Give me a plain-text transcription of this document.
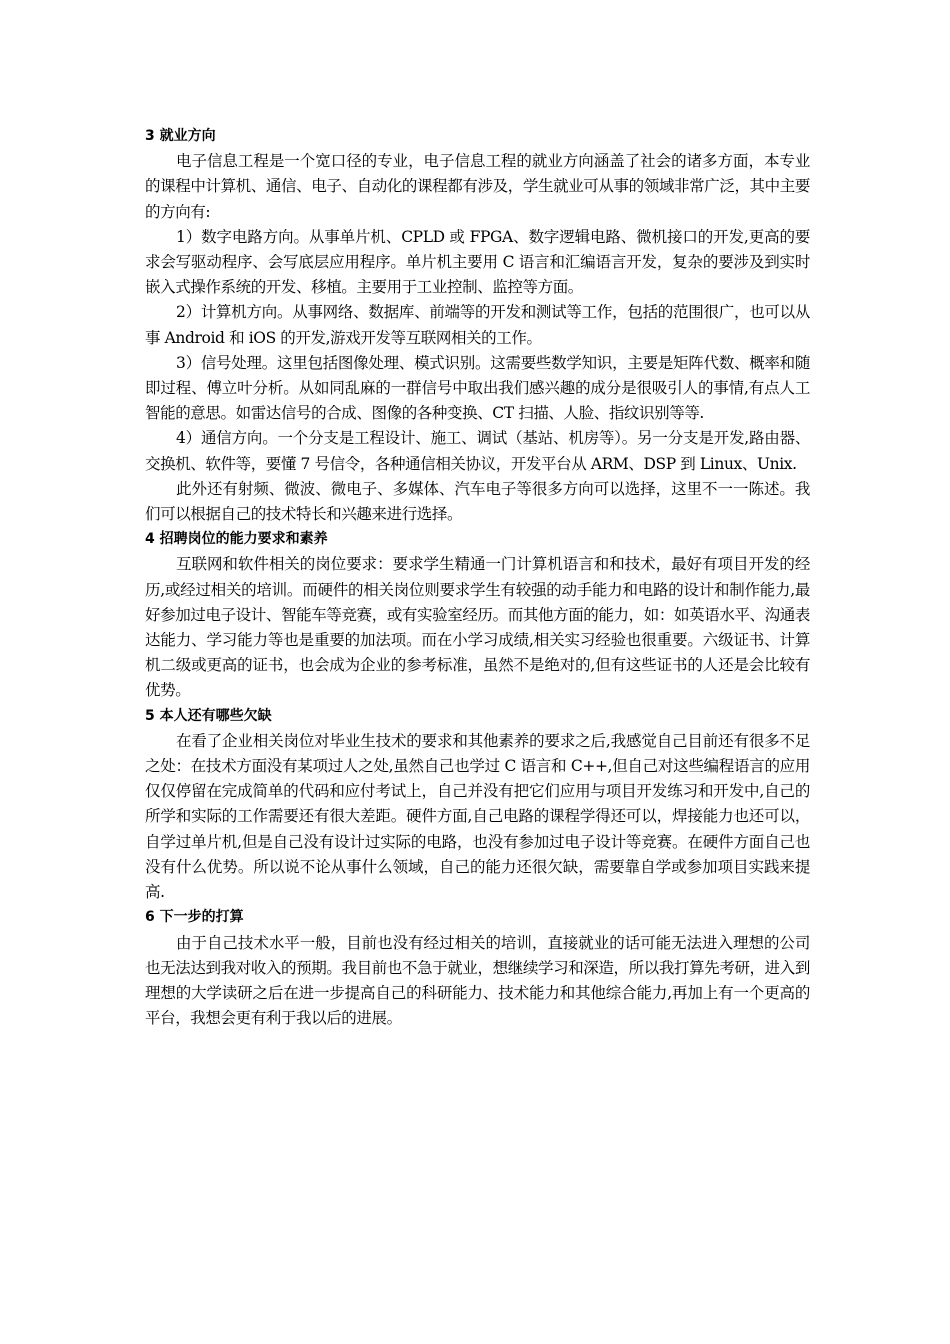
3 就业方向

电子信息工程是一个宽口径的专业，电子信息工程的就业方向涵盖了社会的诸多方面，本专业的课程中计算机、通信、电子、自动化的课程都有涉及，学生就业可从事的领域非常广泛，其中主要的方向有:

1）数字电路方向。从事单片机、CPLD 或 FPGA、数字逻辑电路、微机接口的开发,更高的要求会写驱动程序、会写底层应用程序。单片机主要用 C 语言和汇编语言开发，复杂的要涉及到实时嵌入式操作系统的开发、移植。主要用于工业控制、监控等方面。

2）计算机方向。从事网络、数据库、前端等的开发和测试等工作，包括的范围很广，也可以从事 Android 和 iOS 的开发,游戏开发等互联网相关的工作。

3）信号处理。这里包括图像处理、模式识别。这需要些数学知识，主要是矩阵代数、概率和随即过程、傅立叶分析。从如同乱麻的一群信号中取出我们感兴趣的成分是很吸引人的事情,有点人工智能的意思。如雷达信号的合成、图像的各种变换、CT 扫描、人脸、指纹识别等等.

4）通信方向。一个分支是工程设计、施工、调试（基站、机房等）。另一分支是开发,路由器、交换机、软件等，要懂 7 号信令，各种通信相关协议，开发平台从 ARM、DSP 到 Linux、Unix.

此外还有射频、微波、微电子、多媒体、汽车电子等很多方向可以选择，这里不一一陈述。我们可以根据自己的技术特长和兴趣来进行选择。

4 招聘岗位的能力要求和素养

互联网和软件相关的岗位要求：要求学生精通一门计算机语言和和技术，最好有项目开发的经历,或经过相关的培训。而硬件的相关岗位则要求学生有较强的动手能力和电路的设计和制作能力,最好参加过电子设计、智能车等竞赛，或有实验室经历。而其他方面的能力，如：如英语水平、沟通表达能力、学习能力等也是重要的加法项。而在小学习成绩,相关实习经验也很重要。六级证书、计算机二级或更高的证书，也会成为企业的参考标准，虽然不是绝对的,但有这些证书的人还是会比较有优势。

5 本人还有哪些欠缺

在看了企业相关岗位对毕业生技术的要求和其他素养的要求之后,我感觉自己目前还有很多不足之处：在技术方面没有某项过人之处,虽然自己也学过 C 语言和 C++,但自己对这些编程语言的应用仅仅停留在完成简单的代码和应付考试上，自己并没有把它们应用与项目开发练习和开发中,自己的所学和实际的工作需要还有很大差距。硬件方面,自己电路的课程学得还可以，焊接能力也还可以，自学过单片机,但是自己没有设计过实际的电路，也没有参加过电子设计等竞赛。在硬件方面自己也没有什么优势。所以说不论从事什么领域，自己的能力还很欠缺，需要靠自学或参加项目实践来提高.

6 下一步的打算

由于自己技术水平一般，目前也没有经过相关的培训，直接就业的话可能无法进入理想的公司也无法达到我对收入的预期。我目前也不急于就业，想继续学习和深造，所以我打算先考研，进入到理想的大学读研之后在进一步提高自己的科研能力、技术能力和其他综合能力,再加上有一个更高的平台，我想会更有利于我以后的进展。
